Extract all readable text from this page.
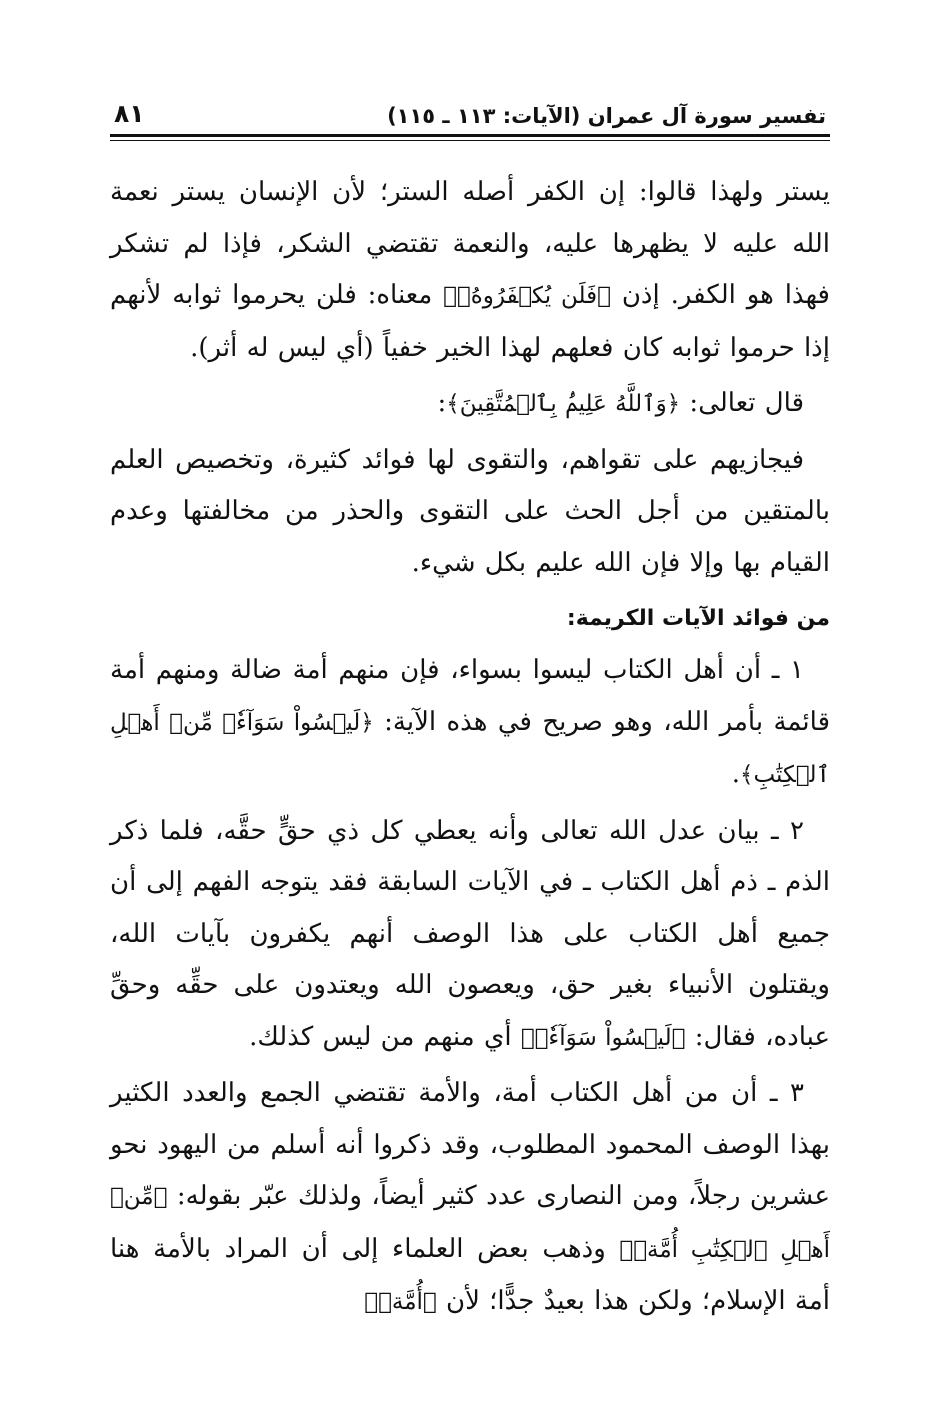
تفسير سورة آل عمران (الآيات: ١١٣ ـ ١١٥)
٨١

يستر ولهذا قالوا: إن الكفر أصله الستر؛ لأن الإنسان يستر نعمة الله عليه لا يظهرها عليه، والنعمة تقتضي الشكر، فإذا لم تشكر فهذا هو الكفر. إذن ﴿فَلَن يُكۡفَرُوهُۗ﴾ معناه: فلن يحرموا ثوابه لأنهم إذا حرموا ثوابه كان فعلهم لهذا الخير خفياً (أي ليس له أثر).

قال تعالى: ﴿وَٱللَّهُ عَلِيمُۢ بِٱلۡمُتَّقِينَ﴾:

فيجازيهم على تقواهم، والتقوى لها فوائد كثيرة، وتخصيص العلم بالمتقين من أجل الحث على التقوى والحذر من مخالفتها وعدم القيام بها وإلا فإن الله عليم بكل شيء.

من فوائد الآيات الكريمة:

١ ـ أن أهل الكتاب ليسوا بسواء، فإن منهم أمة ضالة ومنهم أمة قائمة بأمر الله، وهو صريح في هذه الآية: ﴿لَيۡسُواْ سَوَآءٗۗ مِّنۡ أَهۡلِ ٱلۡكِتَٰبِ﴾.

٢ ـ بيان عدل الله تعالى وأنه يعطي كل ذي حقٍّ حقَّه، فلما ذكر الذم ـ ذم أهل الكتاب ـ في الآيات السابقة فقد يتوجه الفهم إلى أن جميع أهل الكتاب على هذا الوصف أنهم يكفرون بآيات الله، ويقتلون الأنبياء بغير حق، ويعصون الله ويعتدون على حقِّه وحقِّ عباده، فقال: ﴿لَيۡسُواْ سَوَآءٗۗ﴾ أي منهم من ليس كذلك.

٣ ـ أن من أهل الكتاب أمة، والأمة تقتضي الجمع والعدد الكثير بهذا الوصف المحمود المطلوب، وقد ذكروا أنه أسلم من اليهود نحو عشرين رجلاً، ومن النصارى عدد كثير أيضاً، ولذلك عبّر بقوله: ﴿مِّنۡ أَهۡلِ ٱلۡكِتَٰبِ أُمَّةٞ﴾ وذهب بعض العلماء إلى أن المراد بالأمة هنا أمة الإسلام؛ ولكن هذا بعيدٌ جدًّا؛ لأن ﴿أُمَّةٞ﴾
